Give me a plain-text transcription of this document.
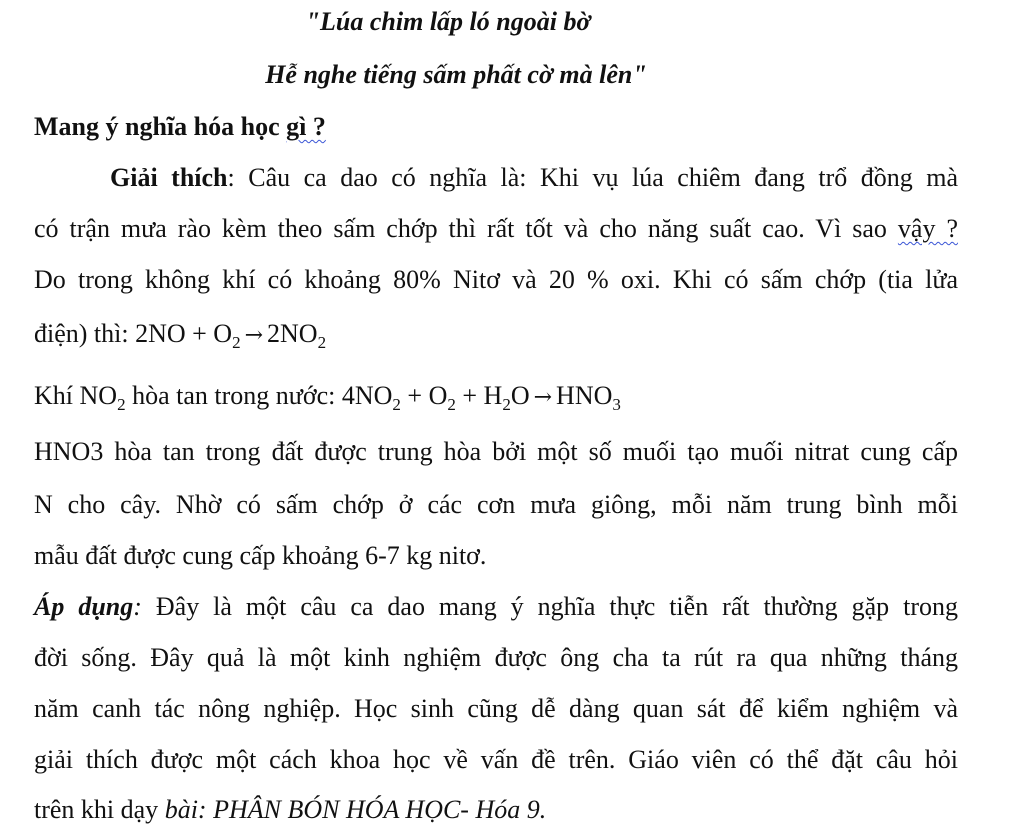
"Lúa chim lấp ló ngoài bờ
Hễ nghe tiếng sấm phất cờ mà lên"
Mang ý nghĩa hóa học gì ?
Giải thích: Câu ca dao có nghĩa là: Khi vụ lúa chiêm đang trổ đồng mà
có trận mưa rào kèm theo sấm chớp thì rất tốt và cho năng suất cao. Vì sao vậy ?
Do trong không khí có khoảng 80% Nitơ và 20 % oxi. Khi có sấm chớp (tia lửa
điện) thì: $2NO + O_2 \to 2NO_2$
Khí $NO_2$ hòa tan trong nước: $4NO_2 + O_2 + H_2O \to HNO_3$
HNO3 hòa tan trong đất được trung hòa bởi một số muối tạo muối nitrat cung cấp
N cho cây. Nhờ có sấm chớp ở các cơn mưa giông, mỗi năm trung bình mỗi
mẫu đất được cung cấp khoảng 6-7 kg nitơ.
Áp dụng: Đây là một câu ca dao mang ý nghĩa thực tiễn rất thường gặp trong
đời sống. Đây quả là một kinh nghiệm được ông cha ta rút ra qua những tháng
năm canh tác nông nghiệp. Học sinh cũng dễ dàng quan sát để kiểm nghiệm và
giải thích được một cách khoa học về vấn đề trên. Giáo viên có thể đặt câu hỏi
trên khi dạy bài: PHÂN BÓN HÓA HỌC- Hóa 9.
